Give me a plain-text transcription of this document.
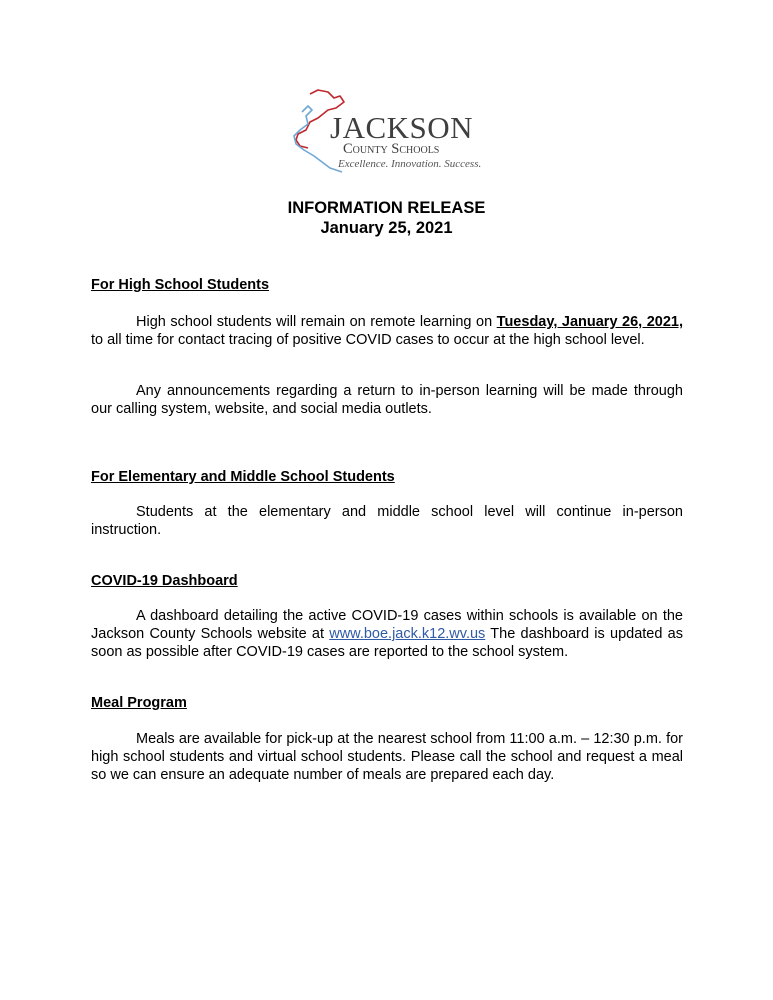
JACKSON
County Schools
Excellence. Innovation. Success.
INFORMATION RELEASE
January 25, 2021
For High School Students
High school students will remain on remote learning on Tuesday, January 26, 2021, to all time for contact tracing of positive COVID cases to occur at the high school level.
Any announcements regarding a return to in-person learning will be made through our calling system, website, and social media outlets.
For Elementary and Middle School Students
Students at the elementary and middle school level will continue in-person instruction.
COVID-19 Dashboard
A dashboard detailing the active COVID-19 cases within schools is available on the Jackson County Schools website at www.boe.jack.k12.wv.us The dashboard is updated as soon as possible after COVID-19 cases are reported to the school system.
Meal Program
Meals are available for pick-up at the nearest school from 11:00 a.m. – 12:30 p.m. for high school students and virtual school students. Please call the school and request a meal so we can ensure an adequate number of meals are prepared each day.
